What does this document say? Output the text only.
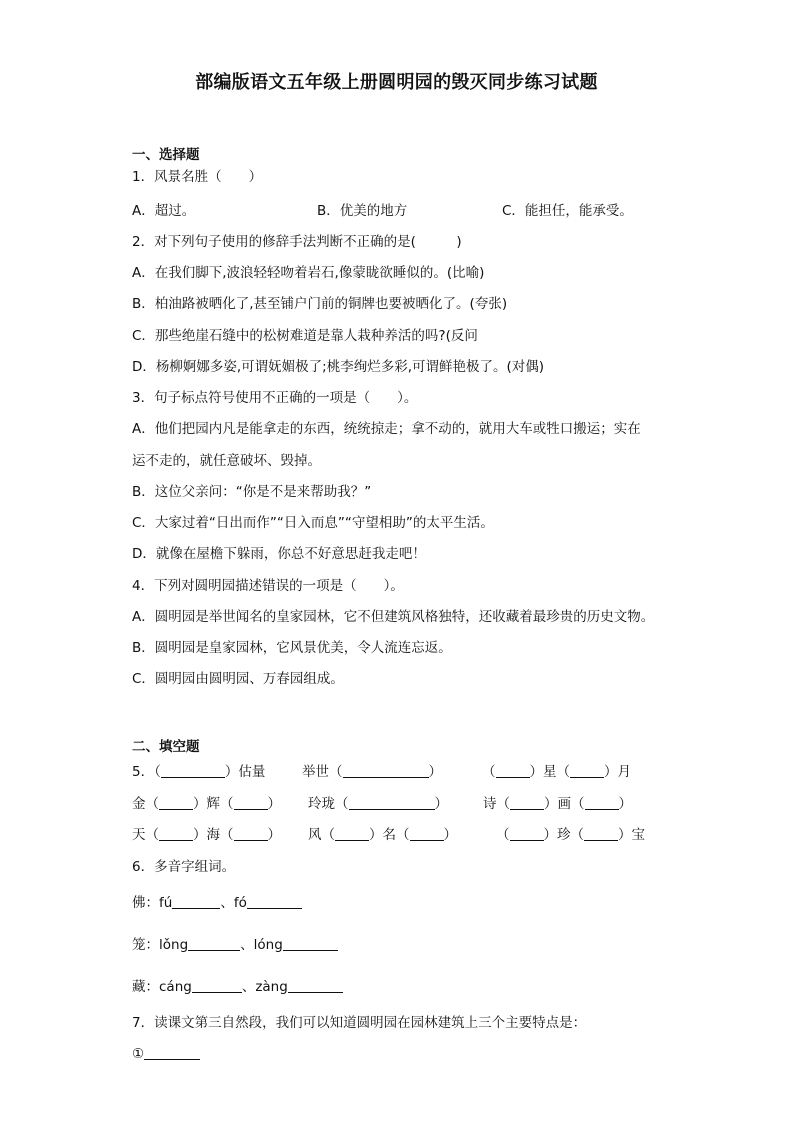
部编版语文五年级上册圆明园的毁灭同步练习试题
一、选择题
1．风景名胜（　　）
A．超过。	B．优美的地方	C．能担任，能承受。
2．对下列句子使用的修辞手法判断不正确的是(　　　)
A．在我们脚下,波浪轻轻吻着岩石,像蒙眬欲睡似的。(比喻)
B．柏油路被晒化了,甚至铺户门前的铜牌也要被晒化了。(夸张)
C．那些绝崖石缝中的松树难道是靠人栽种养活的吗?(反问
D．杨柳婀娜多姿,可谓妩媚极了;桃李绚烂多彩,可谓鲜艳极了。(对偶)
3．句子标点符号使用不正确的一项是（　　）。
A．他们把园内凡是能拿走的东西，统统掠走；拿不动的，就用大车或牲口搬运；实在
运不走的，就任意破坏、毁掉。
B．这位父亲问：“你是不是来帮助我？”
C．大家过着“日出而作”“日入而息”“守望相助”的太平生活。
D．就像在屋檐下躲雨，你总不好意思赶我走吧！
4．下列对圆明园描述错误的一项是（　　）。
A．圆明园是举世闻名的皇家园林，它不但建筑风格独特，还收藏着最珍贵的历史文物。
B．圆明园是皇家园林，它风景优美，令人流连忘返。
C．圆明园由圆明园、万春园组成。
二、填空题
5．（	）估量	举世（	）	（	）星（	）月
金（	）辉（	） 玲珑（	）	诗（	）画（	）
天（	）海（	） 风（	）名（	）	（	）珍（	）宝
6．多音字组词。
佛：fú	、fó
笼：lǒng	、lóng
藏：cáng	、zàng
7．读课文第三自然段，我们可以知道圆明园在园林建筑上三个主要特点是：
①
